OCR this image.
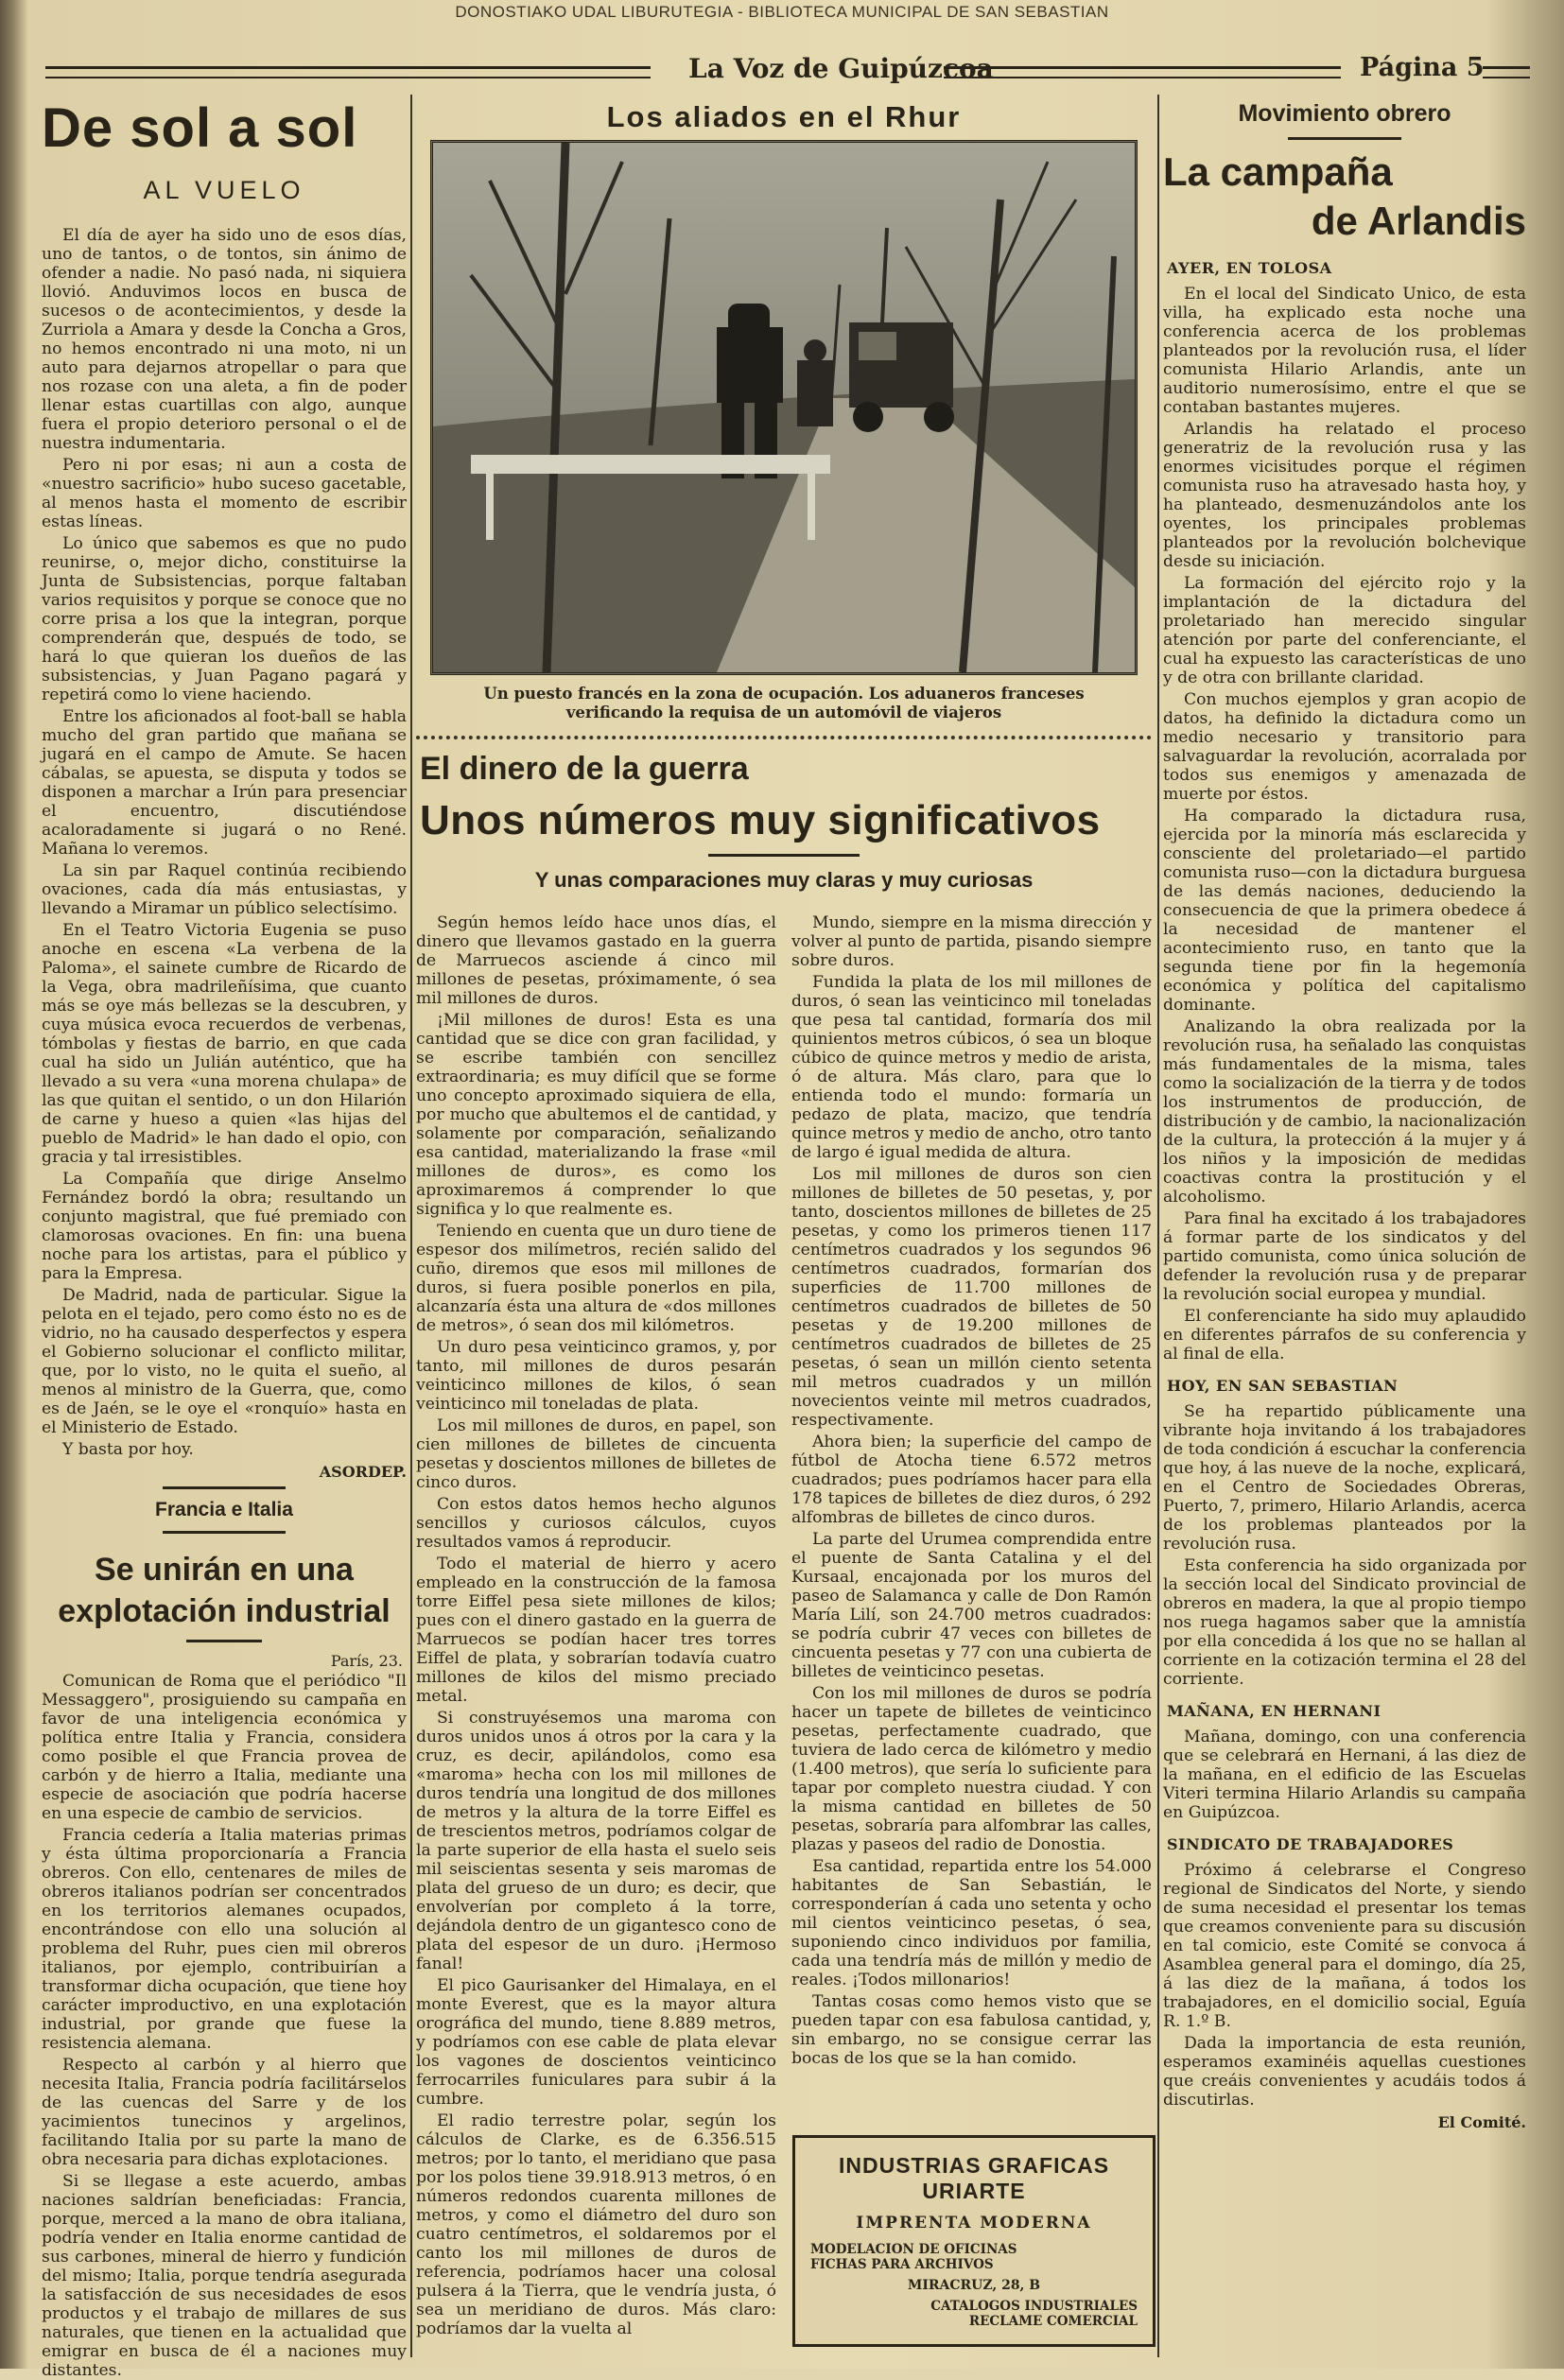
DONOSTIAKO UDAL LIBURUTEGIA - BIBLIOTECA MUNICIPAL DE SAN SEBASTIAN
La Voz de Guipúzcoa	Página 5
De sol a sol
AL VUELO

El día de ayer ha sido uno de esos días, uno de tantos, o de tontos, sin ánimo de ofender a nadie. No pasó nada, ni siquiera llovió. Anduvimos locos en busca de sucesos o de acontecimientos, y desde la Zurriola a Amara y desde la Concha a Gros, no hemos encontrado ni una moto, ni un auto para dejarnos atropellar o para que nos rozase con una aleta, a fin de poder llenar estas cuartillas con algo, aunque fuera el propio deterioro personal o el de nuestra indumentaria.

Pero ni por esas; ni aun a costa de «nuestro sacrificio» hubo suceso gacetable, al menos hasta el momento de escribir estas líneas.

Lo único que sabemos es que no pudo reunirse, o, mejor dicho, constituirse la Junta de Subsistencias, porque faltaban varios requisitos y porque se conoce que no corre prisa a los que la integran, porque comprenderán que, después de todo, se hará lo que quieran los dueños de las subsistencias, y Juan Pagano pagará y repetirá como lo viene haciendo.

Entre los aficionados al foot-ball se habla mucho del gran partido que mañana se jugará en el campo de Amute. Se hacen cábalas, se apuesta, se disputa y todos se disponen a marchar a Irún para presenciar el encuentro, discutiéndose acaloradamente si jugará o no René. Mañana lo veremos.

La sin par Raquel continúa recibiendo ovaciones, cada día más entusiastas, y llevando a Miramar un público selectísimo.

En el Teatro Victoria Eugenia se puso anoche en escena «La verbena de la Paloma», el sainete cumbre de Ricardo de la Vega, obra madrileñísima, que cuanto más se oye más bellezas se la descubren, y cuya música evoca recuerdos de verbenas, tómbolas y fiestas de barrio, en que cada cual ha sido un Julián auténtico, que ha llevado a su vera «una morena chulapa» de las que quitan el sentido, o un don Hilarión de carne y hueso a quien «las hijas del pueblo de Madrid» le han dado el opio, con gracia y tal irresistibles.

La Compañía que dirige Anselmo Fernández bordó la obra; resultando un conjunto magistral, que fué premiado con clamorosas ovaciones. En fin: una buena noche para los artistas, para el público y para la Empresa.

De Madrid, nada de particular. Sigue la pelota en el tejado, pero como ésto no es de vidrio, no ha causado desperfectos y espera el Gobierno solucionar el conflicto militar, que, por lo visto, no le quita el sueño, al menos al ministro de la Guerra, que, como es de Jaén, se le oye el «ronquío» hasta en el Ministerio de Estado.

Y basta por hoy.

ASORDEP.
Francia e Italia
Se unirán en una explotación industrial
París, 23.

Comunican de Roma que el periódico "Il Messaggero", prosiguiendo su campaña en favor de una inteligencia económica y política entre Italia y Francia, considera como posible el que Francia provea de carbón y de hierro a Italia, mediante una especie de asociación que podría hacerse en una especie de cambio de servicios.

Francia cedería a Italia materias primas y ésta última proporcionaría a Francia obreros. Con ello, centenares de miles de obreros italianos podrían ser concentrados en los territorios alemanes ocupados, encontrándose con ello una solución al problema del Ruhr, pues cien mil obreros italianos, por ejemplo, contribuirían a transformar dicha ocupación, que tiene hoy carácter improductivo, en una explotación industrial, por grande que fuese la resistencia alemana.

Respecto al carbón y al hierro que necesita Italia, Francia podría facilitárselos de las cuencas del Sarre y de los yacimientos tunecinos y argelinos, facilitando Italia por su parte la mano de obra necesaria para dichas explotaciones.

Si se llegase a este acuerdo, ambas naciones saldrían beneficiadas: Francia, porque, merced a la mano de obra italiana, podría vender en Italia enorme cantidad de sus carbones, mineral de hierro y fundición del mismo; Italia, porque tendría asegurada la satisfacción de sus necesidades de esos productos y el trabajo de millares de sus naturales, que tienen en la actualidad que emigrar en busca de él a naciones muy distantes.

Los aliados en el Rhur
Un puesto francés en la zona de ocupación. Los aduaneros franceses verificando la requisa de un automóvil de viajeros
El dinero de la guerra
Unos números muy significativos
Y unas comparaciones muy claras y muy curiosas

Según hemos leído hace unos días, el dinero que llevamos gastado en la guerra de Marruecos asciende á cinco mil millones de pesetas, próximamente, ó sea mil millones de duros.

¡Mil millones de duros! Esta es una cantidad que se dice con gran facilidad, y se escribe también con sencillez extraordinaria; es muy difícil que se forme uno concepto aproximado siquiera de ella, por mucho que abultemos el de cantidad, y solamente por comparación, señalizando esa cantidad, materializando la frase «mil millones de duros», es como los aproximaremos á comprender lo que significa y lo que realmente es.

Teniendo en cuenta que un duro tiene de espesor dos milímetros, recién salido del cuño, diremos que esos mil millones de duros, si fuera posible ponerlos en pila, alcanzaría ésta una altura de «dos millones de metros», ó sean dos mil kilómetros.

Un duro pesa veinticinco gramos, y, por tanto, mil millones de duros pesarán veinticinco millones de kilos, ó sean veinticinco mil toneladas de plata.

Los mil millones de duros, en papel, son cien millones de billetes de cincuenta pesetas y doscientos millones de billetes de cinco duros.

Con estos datos hemos hecho algunos sencillos y curiosos cálculos, cuyos resultados vamos á reproducir.

Todo el material de hierro y acero empleado en la construcción de la famosa torre Eiffel pesa siete millones de kilos; pues con el dinero gastado en la guerra de Marruecos se podían hacer tres torres Eiffel de plata, y sobrarían todavía cuatro millones de kilos del mismo preciado metal.

Si construyésemos una maroma con duros unidos unos á otros por la cara y la cruz, es decir, apilándolos, como esa «maroma» hecha con los mil millones de duros tendría una longitud de dos millones de metros y la altura de la torre Eiffel es de trescientos metros, podríamos colgar de la parte superior de ella hasta el suelo seis mil seiscientas sesenta y seis maromas de plata del grueso de un duro; es decir, que envolverían por completo á la torre, dejándola dentro de un gigantesco cono de plata del espesor de un duro. ¡Hermoso fanal!

El pico Gaurisanker del Himalaya, en el monte Everest, que es la mayor altura orográfica del mundo, tiene 8.889 metros, y podríamos con ese cable de plata elevar los vagones de doscientos veinticinco ferrocarriles funiculares para subir á la cumbre.

El radio terrestre polar, según los cálculos de Clarke, es de 6.356.515 metros; por lo tanto, el meridiano que pasa por los polos tiene 39.918.913 metros, ó en números redondos cuarenta millones de metros, y como el diámetro del duro son cuatro centímetros, el soldaremos por el canto los mil millones de duros de referencia, podríamos hacer una colosal pulsera á la Tierra, que le vendría justa, ó sea un meridiano de duros. Más claro: podríamos dar la vuelta al

Mundo, siempre en la misma dirección y volver al punto de partida, pisando siempre sobre duros.

Fundida la plata de los mil millones de duros, ó sean las veinticinco mil toneladas que pesa tal cantidad, formaría dos mil quinientos metros cúbicos, ó sea un bloque cúbico de quince metros y medio de arista, ó de altura. Más claro, para que lo entienda todo el mundo: formaría un pedazo de plata, macizo, que tendría quince metros y medio de ancho, otro tanto de largo é igual medida de altura.

Los mil millones de duros son cien millones de billetes de 50 pesetas, y, por tanto, doscientos millones de billetes de 25 pesetas, y como los primeros tienen 117 centímetros cuadrados y los segundos 96 centímetros cuadrados, formarían dos superficies de 11.700 millones de centímetros cuadrados de billetes de 50 pesetas y de 19.200 millones de centímetros cuadrados de billetes de 25 pesetas, ó sean un millón ciento setenta mil metros cuadrados y un millón novecientos veinte mil metros cuadrados, respectivamente.

Ahora bien; la superficie del campo de fútbol de Atocha tiene 6.572 metros cuadrados; pues podríamos hacer para ella 178 tapices de billetes de diez duros, ó 292 alfombras de billetes de cinco duros.

La parte del Urumea comprendida entre el puente de Santa Catalina y el del Kursaal, encajonada por los muros del paseo de Salamanca y calle de Don Ramón María Lilí, son 24.700 metros cuadrados: se podría cubrir 47 veces con billetes de cincuenta pesetas y 77 con una cubierta de billetes de veinticinco pesetas.

Con los mil millones de duros se podría hacer un tapete de billetes de veinticinco pesetas, perfectamente cuadrado, que tuviera de lado cerca de kilómetro y medio (1.400 metros), que sería lo suficiente para tapar por completo nuestra ciudad. Y con la misma cantidad en billetes de 50 pesetas, sobraría para alfombrar las calles, plazas y paseos del radio de Donostia.

Esa cantidad, repartida entre los 54.000 habitantes de San Sebastián, le corresponderían á cada uno setenta y ocho mil cientos veinticinco pesetas, ó sea, suponiendo cinco individuos por familia, cada una tendría más de millón y medio de reales. ¡Todos millonarios!

Tantas cosas como hemos visto que se pueden tapar con esa fabulosa cantidad, y, sin embargo, no se consigue cerrar las bocas de los que se la han comido.

INDUSTRIAS GRAFICAS URIARTE
IMPRENTA MODERNA
MODELACION DE OFICINAS
FICHAS PARA ARCHIVOS
MIRACRUZ, 28, B
CATALOGOS INDUSTRIALES
RECLAME COMERCIAL
Movimiento obrero
La campaña
de Arlandis
AYER, EN TOLOSA

En el local del Sindicato Unico, de esta villa, ha explicado esta noche una conferencia acerca de los problemas planteados por la revolución rusa, el líder comunista Hilario Arlandis, ante un auditorio numerosísimo, entre el que se contaban bastantes mujeres.

Arlandis ha relatado el proceso generatriz de la revolución rusa y las enormes vicisitudes porque el régimen comunista ruso ha atravesado hasta hoy, y ha planteado, desmenuzándolos ante los oyentes, los principales problemas planteados por la revolución bolchevique desde su iniciación.

La formación del ejército rojo y la implantación de la dictadura del proletariado han merecido singular atención por parte del conferenciante, el cual ha expuesto las características de uno y de otra con brillante claridad.

Con muchos ejemplos y gran acopio de datos, ha definido la dictadura como un medio necesario y transitorio para salvaguardar la revolución, acorralada por todos sus enemigos y amenazada de muerte por éstos.

Ha comparado la dictadura rusa, ejercida por la minoría más esclarecida y consciente del proletariado—el partido comunista ruso—con la dictadura burguesa de las demás naciones, deduciendo la consecuencia de que la primera obedece á la necesidad de mantener el acontecimiento ruso, en tanto que la segunda tiene por fin la hegemonía económica y política del capitalismo dominante.

Analizando la obra realizada por la revolución rusa, ha señalado las conquistas más fundamentales de la misma, tales como la socialización de la tierra y de todos los instrumentos de producción, de distribución y de cambio, la nacionalización de la cultura, la protección á la mujer y á los niños y la imposición de medidas coactivas contra la prostitución y el alcoholismo.

Para final ha excitado á los trabajadores á formar parte de los sindicatos y del partido comunista, como única solución de defender la revolución rusa y de preparar la revolución social europea y mundial.

El conferenciante ha sido muy aplaudido en diferentes párrafos de su conferencia y al final de ella.

HOY, EN SAN SEBASTIAN

Se ha repartido públicamente una vibrante hoja invitando á los trabajadores de toda condición á escuchar la conferencia que hoy, á las nueve de la noche, explicará, en el Centro de Sociedades Obreras, Puerto, 7, primero, Hilario Arlandis, acerca de los problemas planteados por la revolución rusa.

Esta conferencia ha sido organizada por la sección local del Sindicato provincial de obreros en madera, la que al propio tiempo nos ruega hagamos saber que la amnistía por ella concedida á los que no se hallan al corriente en la cotización termina el 28 del corriente.

MAÑANA, EN HERNANI

Mañana, domingo, con una conferencia que se celebrará en Hernani, á las diez de la mañana, en el edificio de las Escuelas Viteri termina Hilario Arlandis su campaña en Guipúzcoa.

SINDICATO DE TRABAJADORES

Próximo á celebrarse el Congreso regional de Sindicatos del Norte, y siendo de suma necesidad el presentar los temas que creamos conveniente para su discusión en tal comicio, este Comité se convoca á Asamblea general para el domingo, día 25, á las diez de la mañana, á todos los trabajadores, en el domicilio social, Eguía R. 1.º B.

Dada la importancia de esta reunión, esperamos examinéis aquellas cuestiones que creáis convenientes y acudáis todos á discutirlas.

El Comité.
